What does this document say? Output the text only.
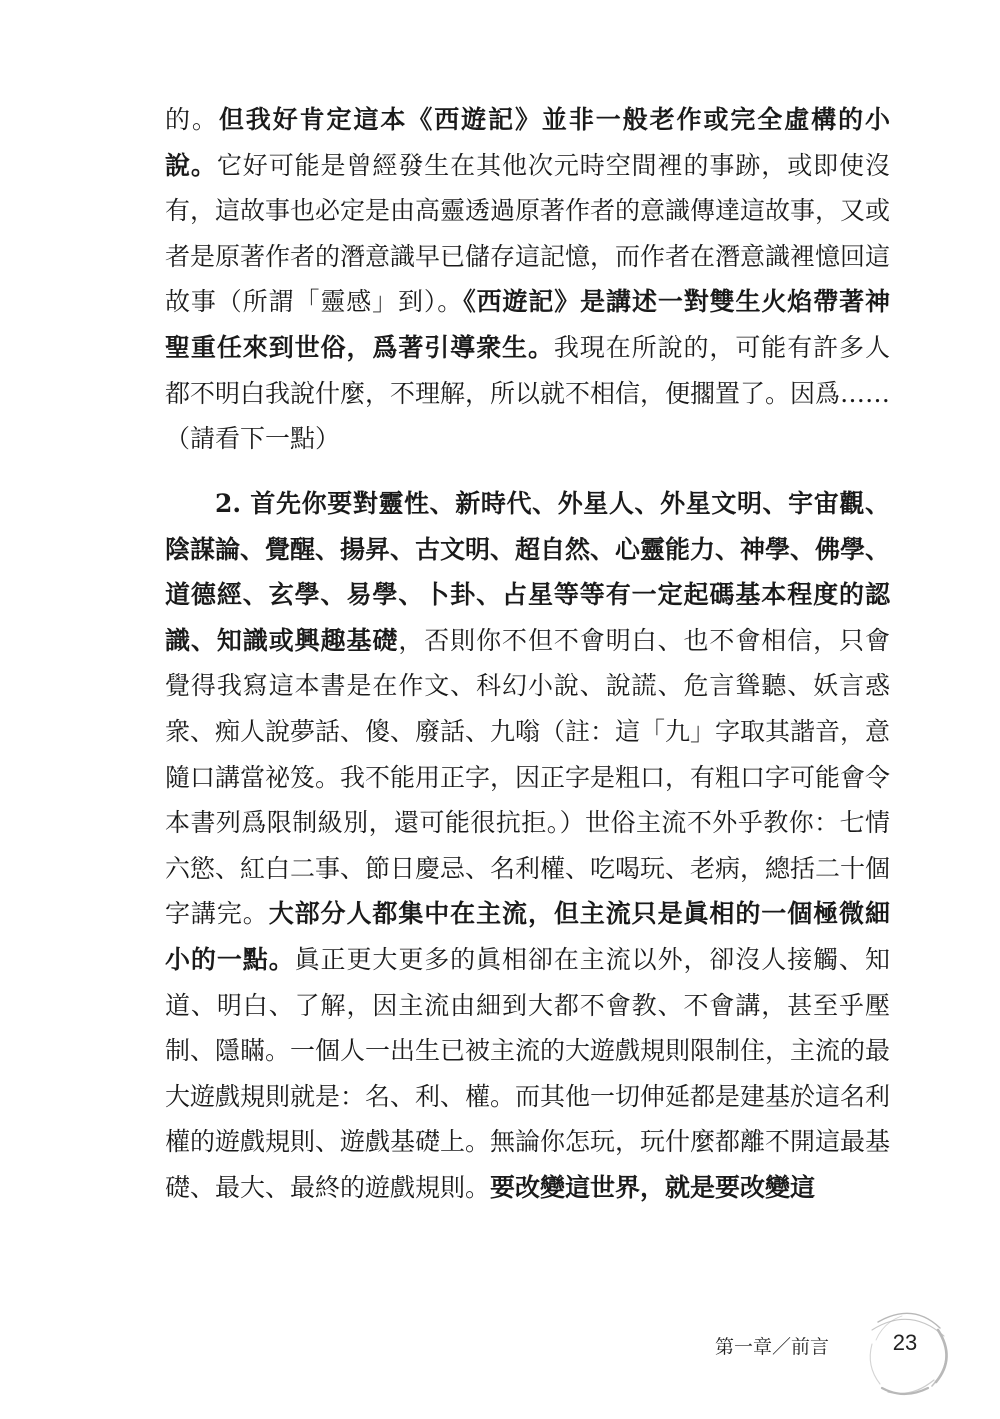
的。但我好肯定這本《西遊記》並非一般老作或完全虛構的小說。它好可能是曾經發生在其他次元時空間裡的事跡，或即使沒有，這故事也必定是由高靈透過原著作者的意識傳達這故事，又或者是原著作者的潛意識早已儲存這記憶，而作者在潛意識裡憶回這故事（所謂「靈感」到）。《西遊記》是講述一對雙生火焰帶著神聖重任來到世俗，爲著引導衆生。我現在所說的，可能有許多人都不明白我說什麼，不理解，所以就不相信，便擱置了。因爲……（請看下一點）
2. 首先你要對靈性、新時代、外星人、外星文明、宇宙觀、陰謀論、覺醒、揚昇、古文明、超自然、心靈能力、神學、佛學、道德經、玄學、易學、卜卦、占星等等有一定起碼基本程度的認識、知識或興趣基礎，否則你不但不會明白、也不會相信，只會覺得我寫這本書是在作文、科幻小說、說謊、危言聳聽、妖言惑衆、痴人說夢話、傻、廢話、九嗡（註：這「九」字取其諧音，意隨口講當祕笈。我不能用正字，因正字是粗口，有粗口字可能會令本書列爲限制級別，還可能很抗拒。）世俗主流不外乎教你：七情六慾、紅白二事、節日慶忌、名利權、吃喝玩、老病，總括二十個字講完。大部分人都集中在主流，但主流只是眞相的一個極微細小的一點。眞正更大更多的眞相卻在主流以外，卻沒人接觸、知道、明白、了解，因主流由細到大都不會教、不會講，甚至乎壓制、隱瞞。一個人一出生已被主流的大遊戲規則限制住，主流的最大遊戲規則就是：名、利、權。而其他一切伸延都是建基於這名利權的遊戲規則、遊戲基礎上。無論你怎玩，玩什麼都離不開這最基礎、最大、最終的遊戲規則。要改變這世界，就是要改變這
第一章／前言	23
